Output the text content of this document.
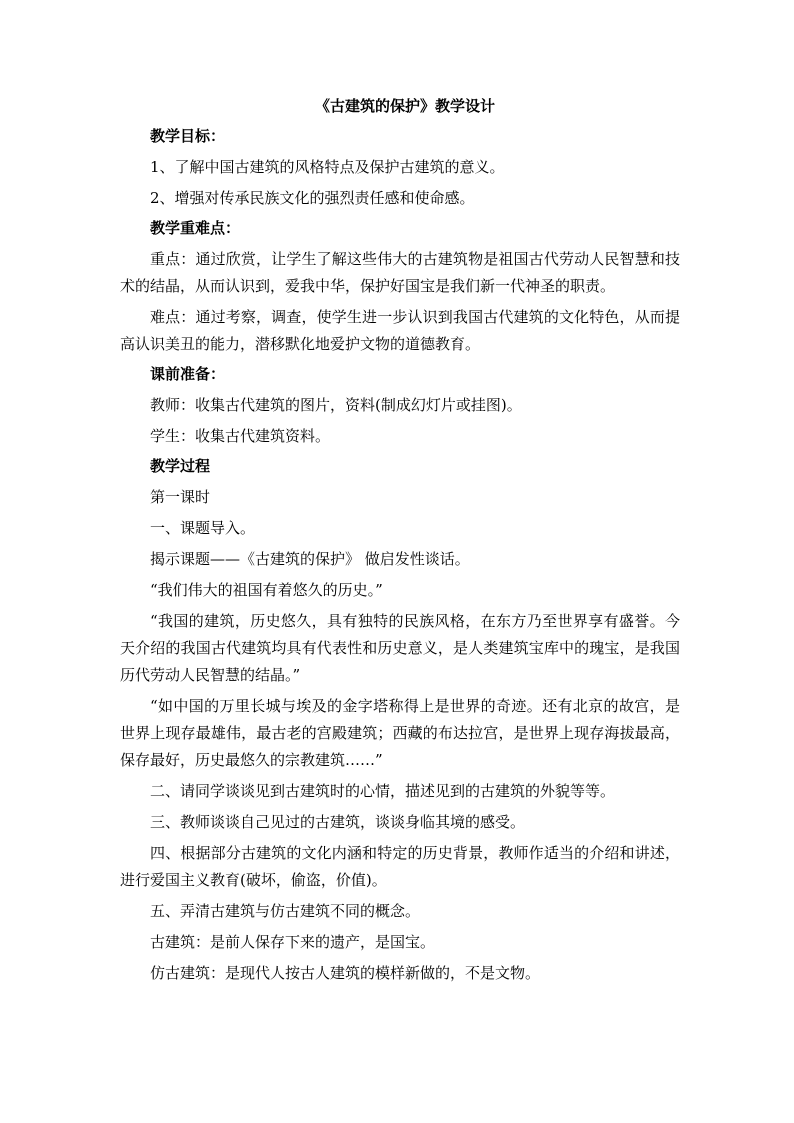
《古建筑的保护》教学设计
教学目标：
1、了解中国古建筑的风格特点及保护古建筑的意义。
2、增强对传承民族文化的强烈责任感和使命感。
教学重难点：
重点：通过欣赏，让学生了解这些伟大的古建筑物是祖国古代劳动人民智慧和技术的结晶，从而认识到，爱我中华，保护好国宝是我们新一代神圣的职责。
难点：通过考察，调查，使学生进一步认识到我国古代建筑的文化特色，从而提高认识美丑的能力，潜移默化地爱护文物的道德教育。
课前准备：
教师：收集古代建筑的图片，资料(制成幻灯片或挂图)。
学生：收集古代建筑资料。
教学过程
第一课时
一、课题导入。
揭示课题——《古建筑的保护》 做启发性谈话。
“我们伟大的祖国有着悠久的历史。”
“我国的建筑，历史悠久，具有独特的民族风格，在东方乃至世界享有盛誉。今天介绍的我国古代建筑均具有代表性和历史意义，是人类建筑宝库中的瑰宝，是我国历代劳动人民智慧的结晶。”
“如中国的万里长城与埃及的金字塔称得上是世界的奇迹。还有北京的故宫，是世界上现存最雄伟，最古老的宫殿建筑；西藏的布达拉宫，是世界上现存海拔最高，保存最好，历史最悠久的宗教建筑……”
二、请同学谈谈见到古建筑时的心情，描述见到的古建筑的外貌等等。
三、教师谈谈自己见过的古建筑，谈谈身临其境的感受。
四、根据部分古建筑的文化内涵和特定的历史背景，教师作适当的介绍和讲述，进行爱国主义教育(破坏，偷盗，价值)。
五、弄清古建筑与仿古建筑不同的概念。
古建筑：是前人保存下来的遗产，是国宝。
仿古建筑：是现代人按古人建筑的模样新做的，不是文物。
